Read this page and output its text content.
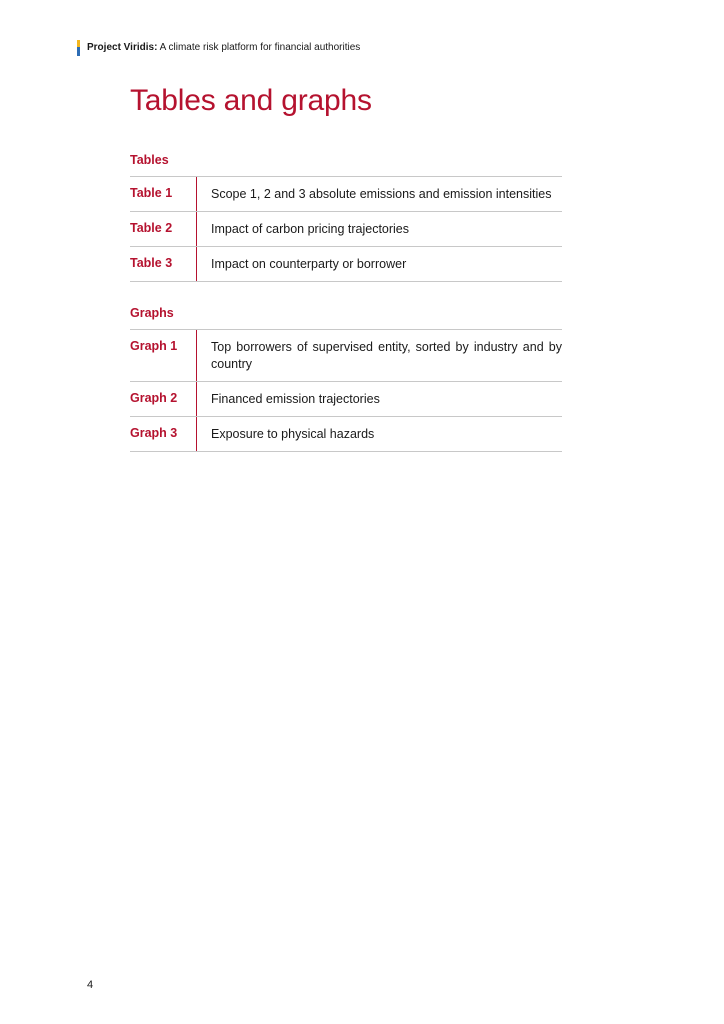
Project Viridis: A climate risk platform for financial authorities
Tables and graphs
Tables
Table 1	Scope 1, 2 and 3 absolute emissions and emission intensities
Table 2	Impact of carbon pricing trajectories
Table 3	Impact on counterparty or borrower
Graphs
Graph 1	Top borrowers of supervised entity, sorted by industry and by country
Graph 2	Financed emission trajectories
Graph 3	Exposure to physical hazards
4
